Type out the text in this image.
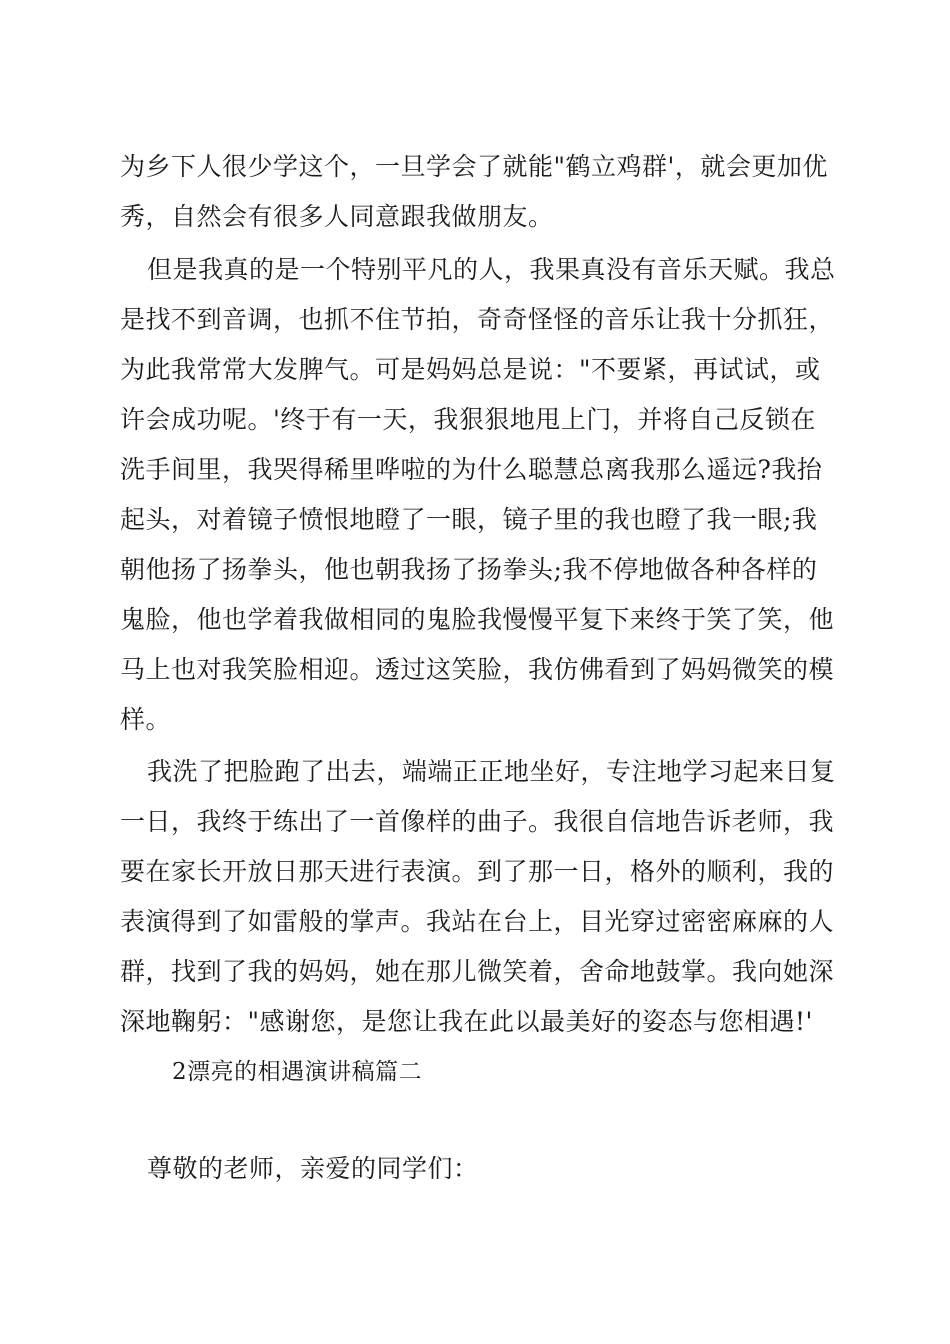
为乡下人很少学这个，一旦学会了就能"鹤立鸡群'，就会更加优
秀，自然会有很多人同意跟我做朋友。
但是我真的是一个特别平凡的人，我果真没有音乐天赋。我总
是找不到音调，也抓不住节拍，奇奇怪怪的音乐让我十分抓狂，
为此我常常大发脾气。可是妈妈总是说："不要紧，再试试，或
许会成功呢。'终于有一天，我狠狠地甩上门，并将自己反锁在
洗手间里，我哭得稀里哗啦的为什么聪慧总离我那么遥远?我抬
起头，对着镜子愤恨地瞪了一眼，镜子里的我也瞪了我一眼;我
朝他扬了扬拳头，他也朝我扬了扬拳头;我不停地做各种各样的
鬼脸，他也学着我做相同的鬼脸我慢慢平复下来终于笑了笑，他
马上也对我笑脸相迎。透过这笑脸，我仿佛看到了妈妈微笑的模
样。
我洗了把脸跑了出去，端端正正地坐好，专注地学习起来日复
一日，我终于练出了一首像样的曲子。我很自信地告诉老师，我
要在家长开放日那天进行表演。到了那一日，格外的顺利，我的
表演得到了如雷般的掌声。我站在台上，目光穿过密密麻麻的人
群，找到了我的妈妈，她在那儿微笑着，舍命地鼓掌。我向她深
深地鞠躬："感谢您，是您让我在此以最美好的姿态与您相遇!'
2漂亮的相遇演讲稿篇二
尊敬的老师，亲爱的同学们：
